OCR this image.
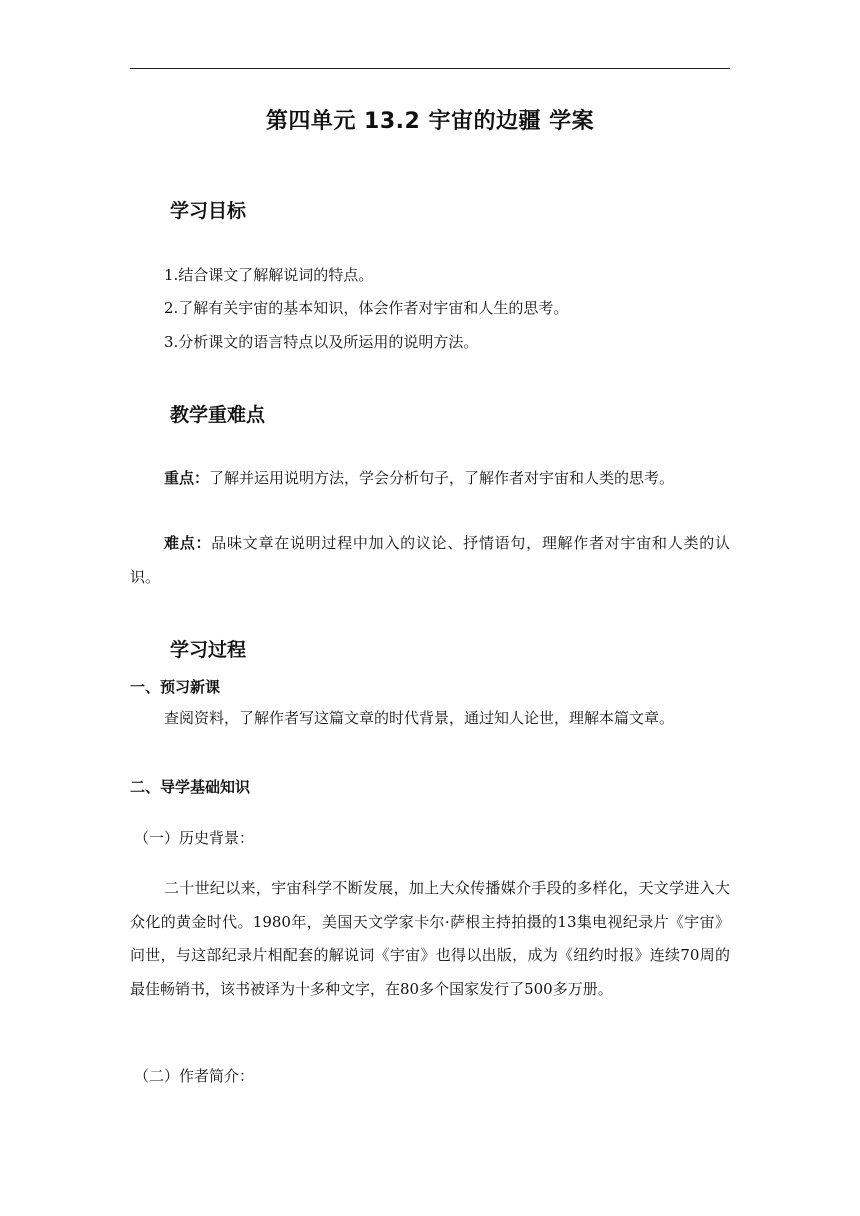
第四单元 13.2 宇宙的边疆 学案
学习目标
1.结合课文了解解说词的特点。
2.了解有关宇宙的基本知识，体会作者对宇宙和人生的思考。
3.分析课文的语言特点以及所运用的说明方法。
教学重难点
重点：了解并运用说明方法，学会分析句子，了解作者对宇宙和人类的思考。
难点：品味文章在说明过程中加入的议论、抒情语句，理解作者对宇宙和人类的认识。
学习过程
一、预习新课
查阅资料，了解作者写这篇文章的时代背景，通过知人论世，理解本篇文章。
二、导学基础知识
（一）历史背景：
二十世纪以来，宇宙科学不断发展，加上大众传播媒介手段的多样化，天文学进入大众化的黄金时代。1980年，美国天文学家卡尔·萨根主持拍摄的13集电视纪录片《宇宙》问世，与这部纪录片相配套的解说词《宇宙》也得以出版，成为《纽约时报》连续70周的最佳畅销书，该书被译为十多种文字，在80多个国家发行了500多万册。
（二）作者简介：
